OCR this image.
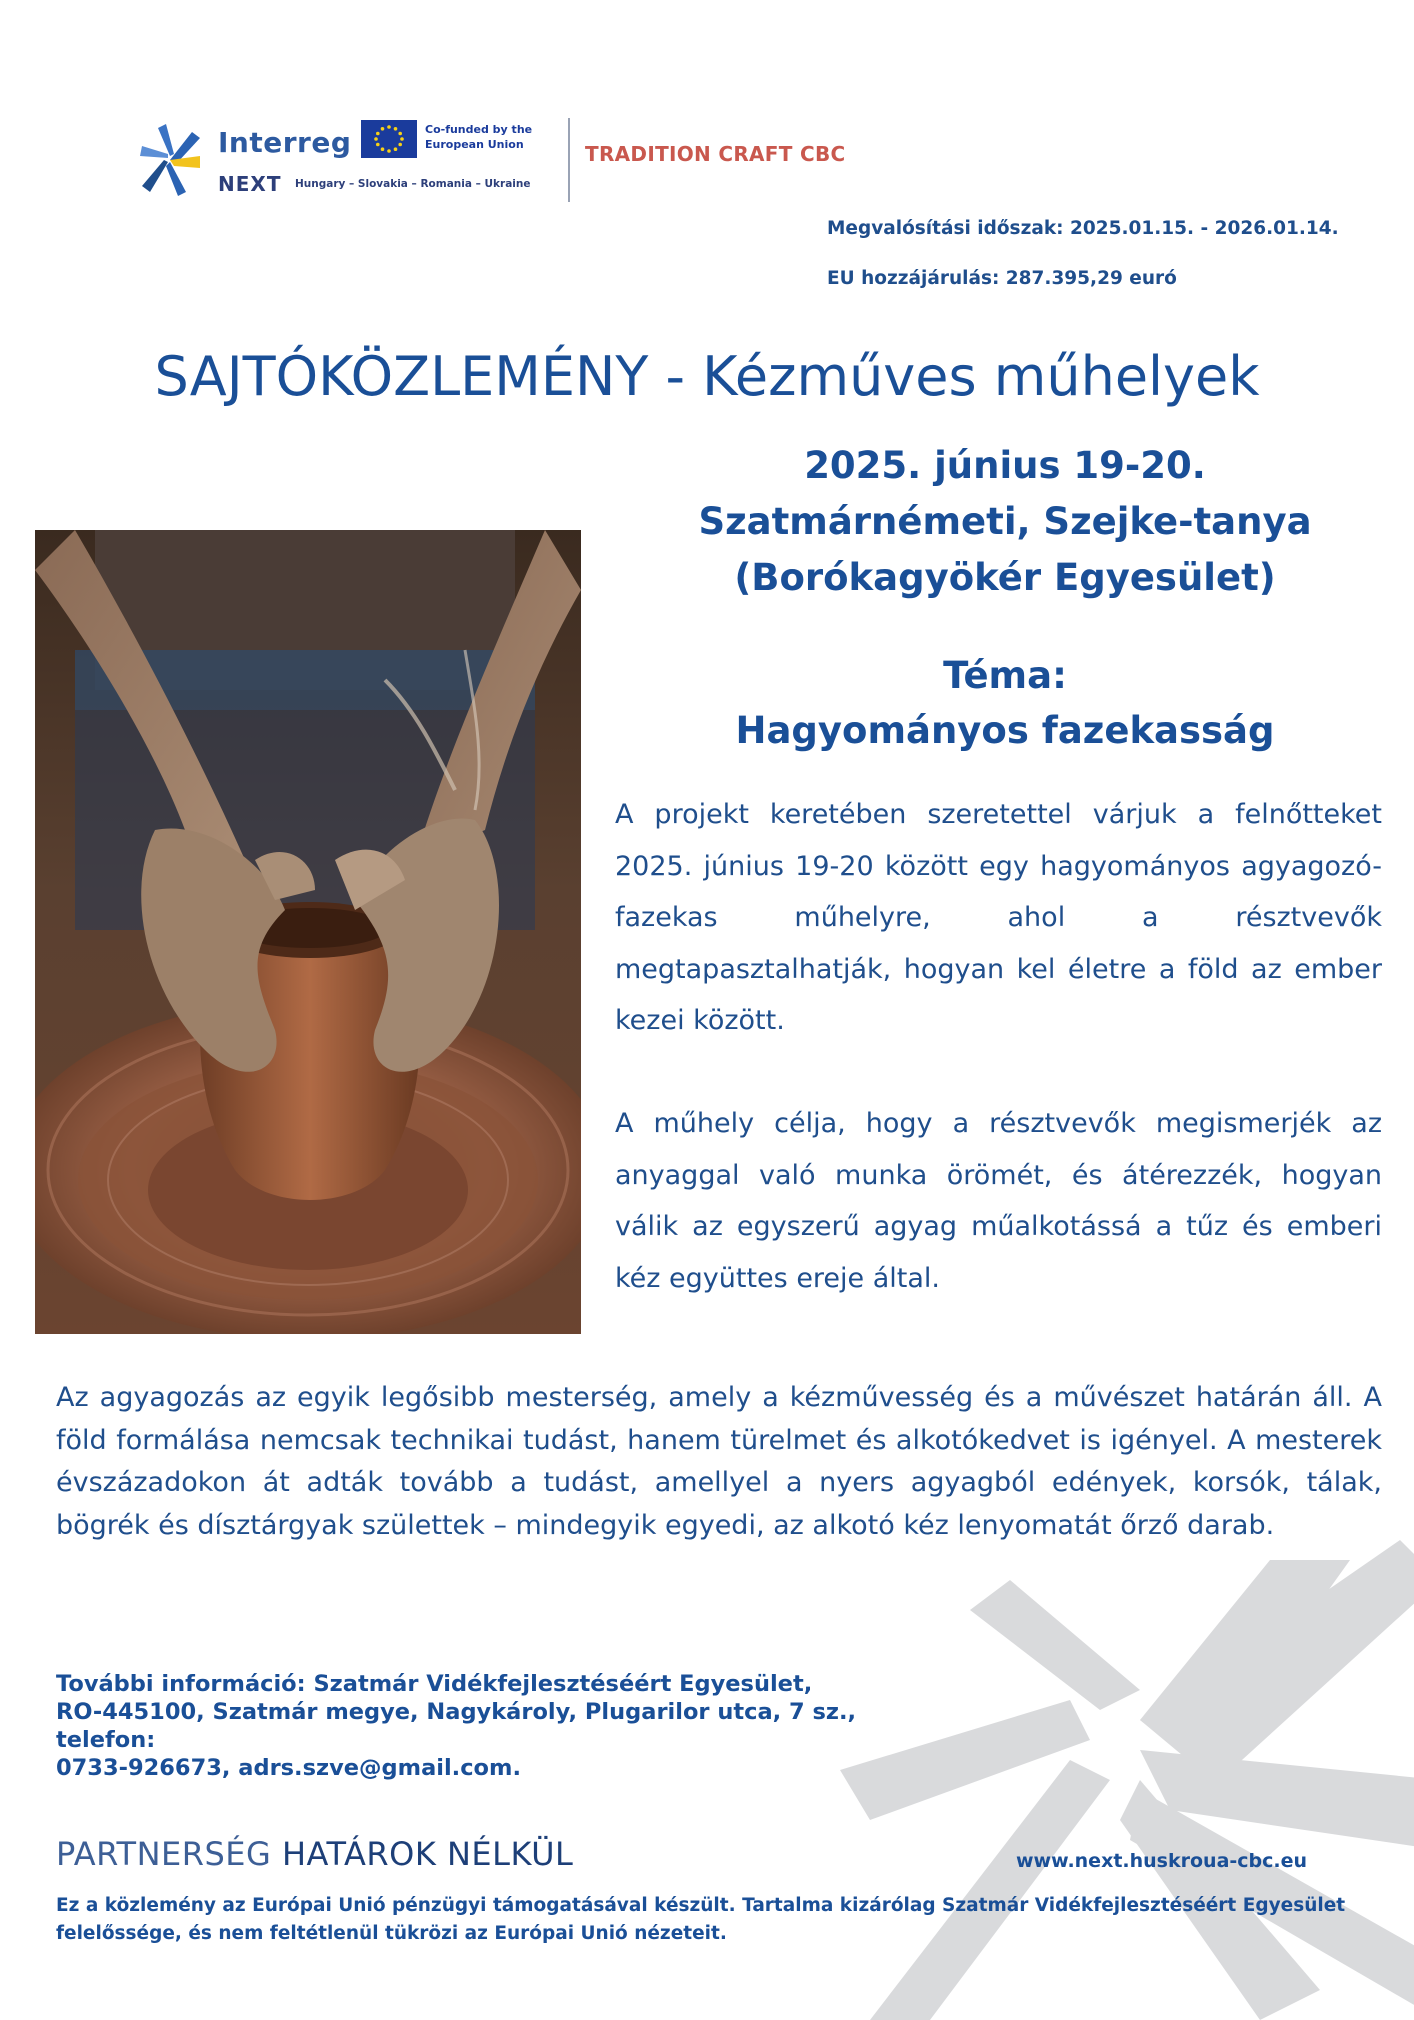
Interreg
NEXT Hungary – Slovakia – Romania – Ukraine
Co-funded by the European Union	TRADITION CRAFT CBC
Megvalósítási időszak: 2025.01.15. - 2026.01.14.
EU hozzájárulás: 287.395,29 euró
SAJTÓKÖZLEMÉNY - Kézműves műhelyek
2025. június 19-20.
Szatmárnémeti, Szejke-tanya
(Borókagyökér Egyesület)
Téma:
Hagyományos fazekasság
A projekt keretében szeretettel várjuk a felnőtteket 2025. június 19-20 között egy hagyományos agyagozó-fazekas műhelyre, ahol a résztvevők megtapasztalhatják, hogyan kel életre a föld az ember kezei között.
A műhely célja, hogy a résztvevők megismerjék az anyaggal való munka örömét, és átérezzék, hogyan válik az egyszerű agyag műalkotássá a tűz és emberi kéz együttes ereje által.
Az agyagozás az egyik legősibb mesterség, amely a kézművesség és a művészet határán áll. A föld formálása nemcsak technikai tudást, hanem türelmet és alkotókedvet is igényel. A mesterek évszázadokon át adták tovább a tudást, amellyel a nyers agyagból edények, korsók, tálak, bögrék és dísztárgyak születtek – mindegyik egyedi, az alkotó kéz lenyomatát őrző darab.
További információ: Szatmár Vidékfejlesztéséért Egyesület,
RO-445100, Szatmár megye, Nagykároly, Plugarilor utca, 7 sz.,
telefon:
0733-926673, adrs.szve@gmail.com.
PARTNERSÉG HATÁROK NÉLKÜL	www.next.huskroua-cbc.eu
Ez a közlemény az Európai Unió pénzügyi támogatásával készült. Tartalma kizárólag Szatmár Vidékfejlesztéséért Egyesület felelőssége, és nem feltétlenül tükrözi az Európai Unió nézeteit.
